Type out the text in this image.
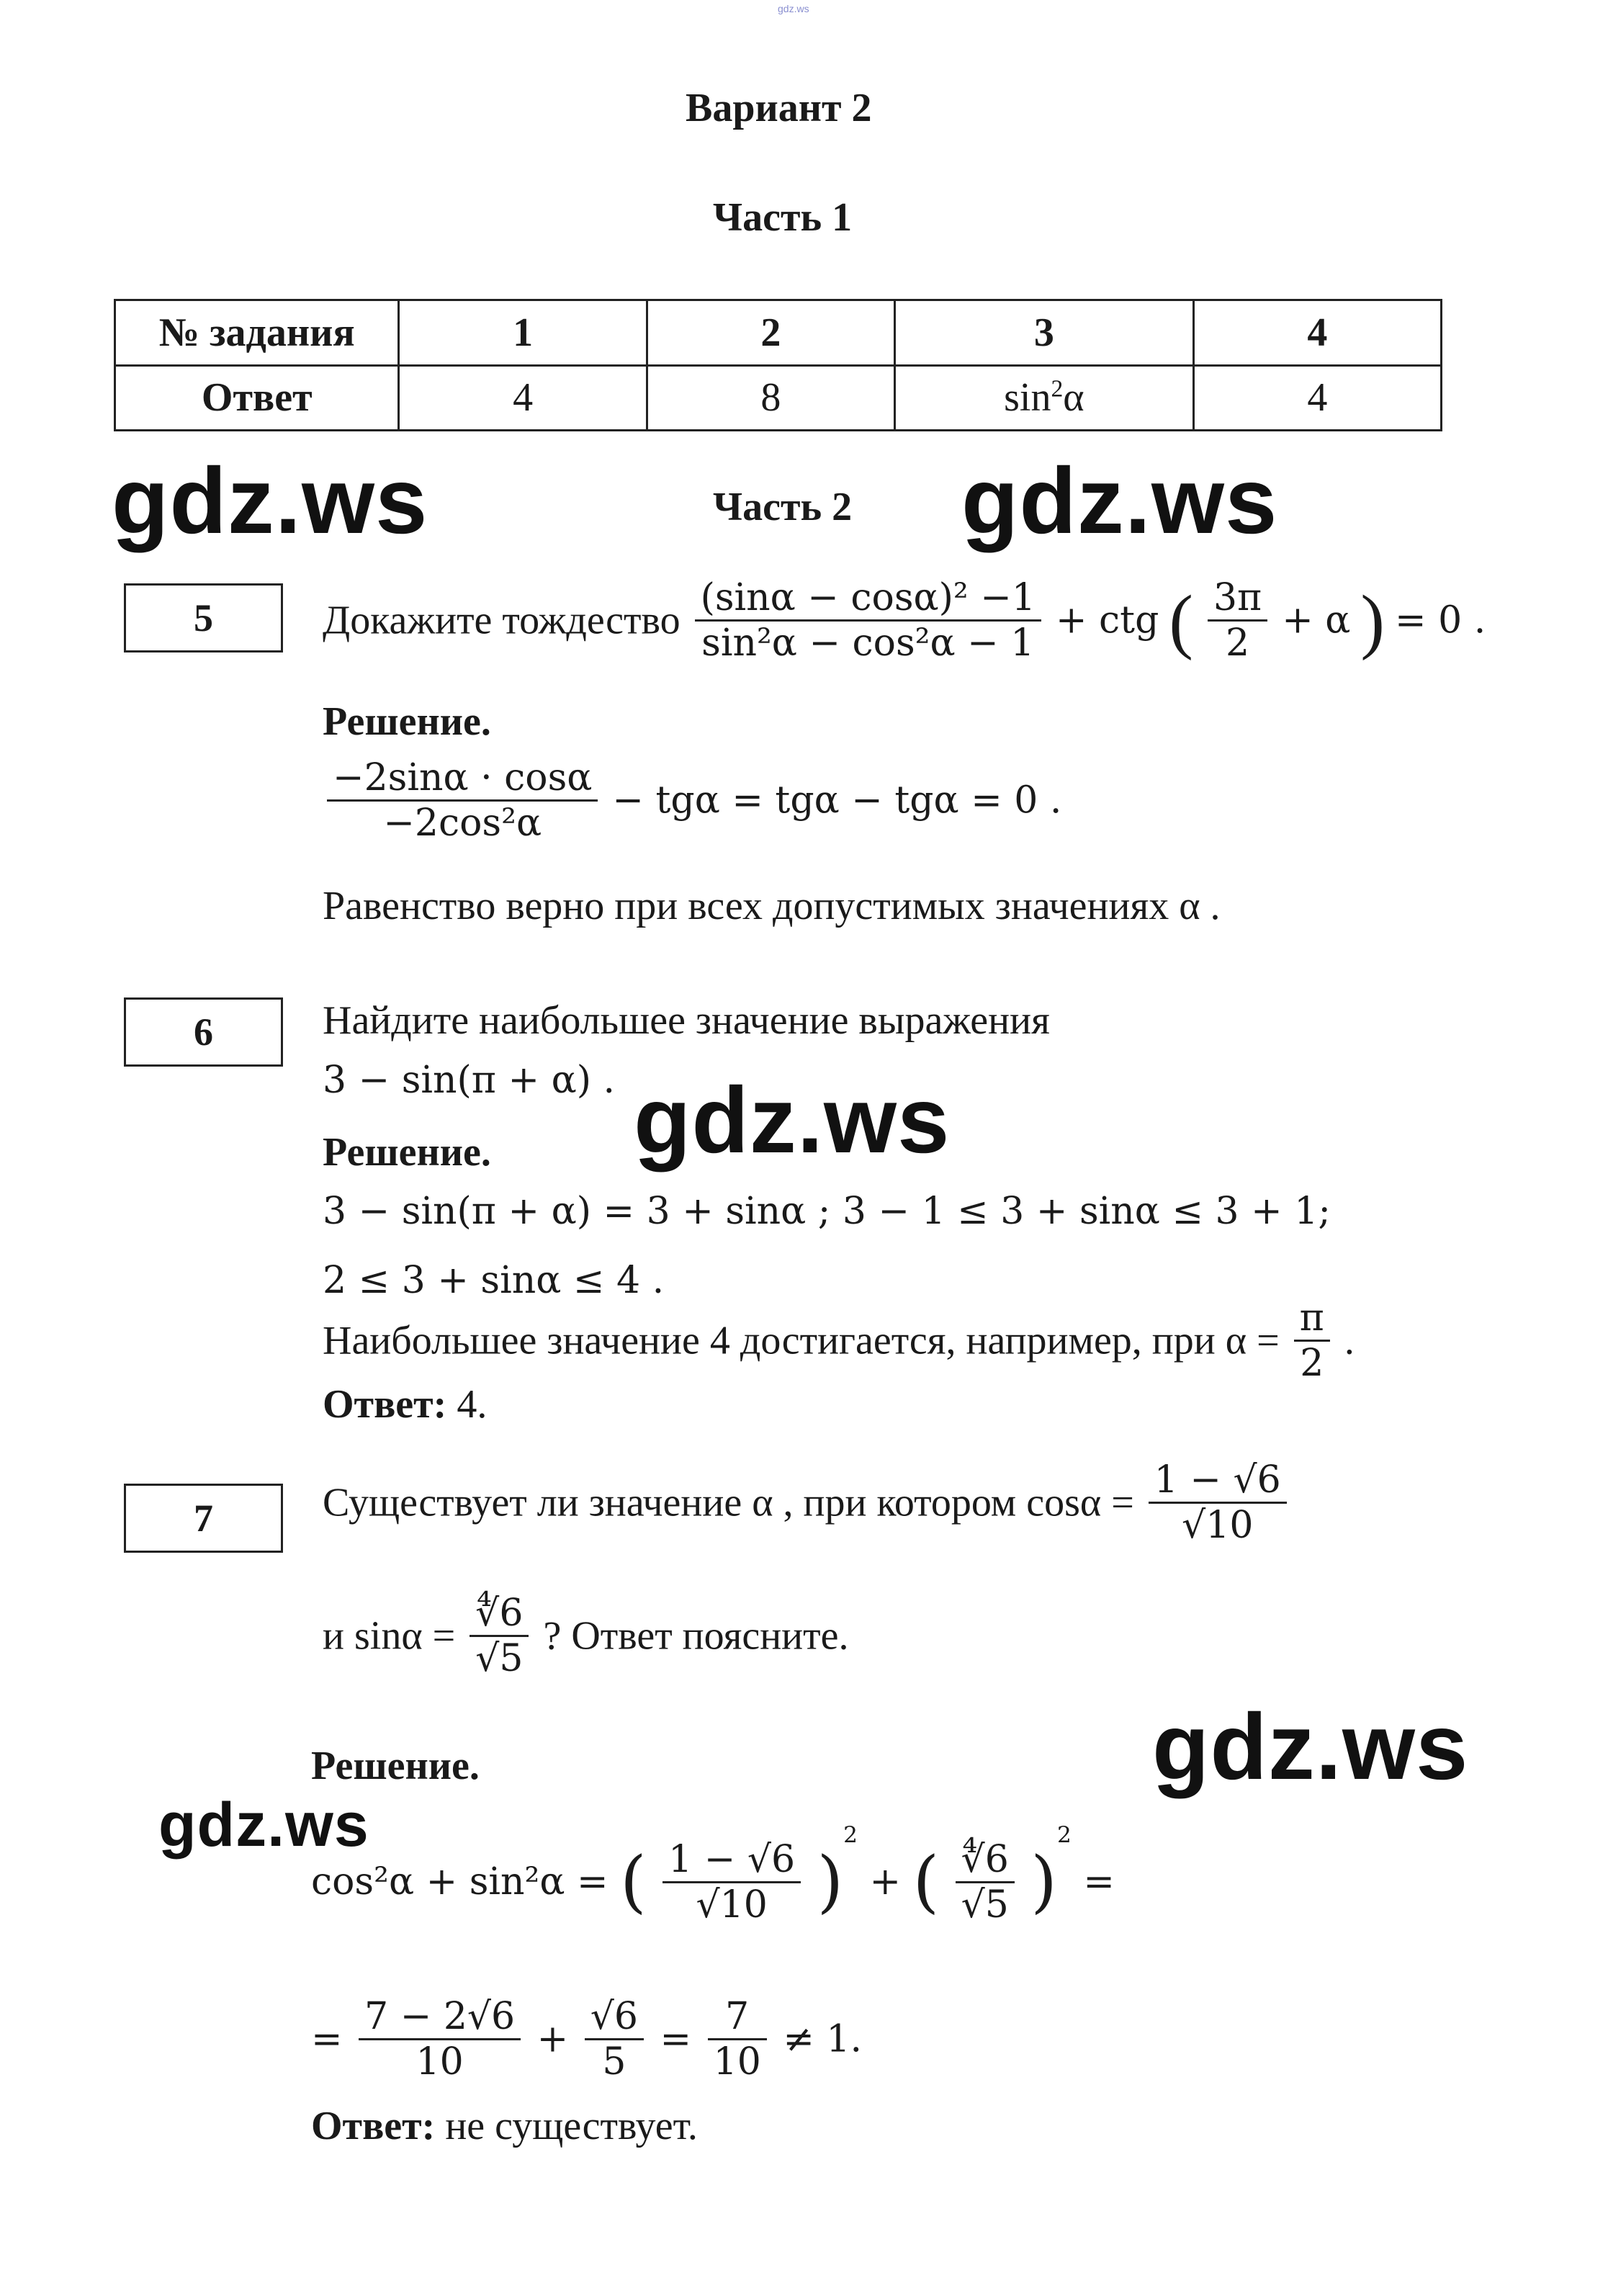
gdz.ws
Вариант 2
Часть 1
№ задания	1	2	3	4
Ответ	4	8	$\sin^2\alpha$	4
gdz.ws	gdz.ws
Часть 2
5	Докажите тождество $\frac{\text{(sinα − cosα)² −1}}{\text{sin²α − cos²α − 1}}$ + ctg ( $\frac{3\pi}{2} + \alpha$ ) = 0 .
Решение.
$\frac{-2\sin\alpha \cdot \cos\alpha}{\text{−2cos²α}} - tg\alpha = tg\alpha - tg\alpha = 0$ .
Равенство верно при всех допустимых значениях α .
6	Найдите наибольшее значение выражения
3 − sin(π + α) . gdz.ws
Решение.
3 − sin(π + α) = 3 + sinα ; 3 − 1 ≤ 3 + sinα ≤ 3 + 1;
2 ≤ 3 + sinα ≤ 4 .
Наибольшее значение 4 достигается, например, при $\alpha = \frac{\pi}{2}$ .
Ответ: 4.
7	Существует ли значение α , при котором $\cos\alpha = \frac{1 - √6}{√10}$
и $\sin\alpha = \frac{∜6}{√5}$ ? Ответ поясните.
gdz.ws
Решение.
gdz.ws
cos²α + sin²α = ( $\frac{1 - √6}{√10} )^2$ + ( $\frac{∜6}{√5} )^2$ =
= $\frac{7 - 2√6}{10} + \frac{√6}{5} = \frac{7}{10} \ne 1$.
Ответ: не существует.
